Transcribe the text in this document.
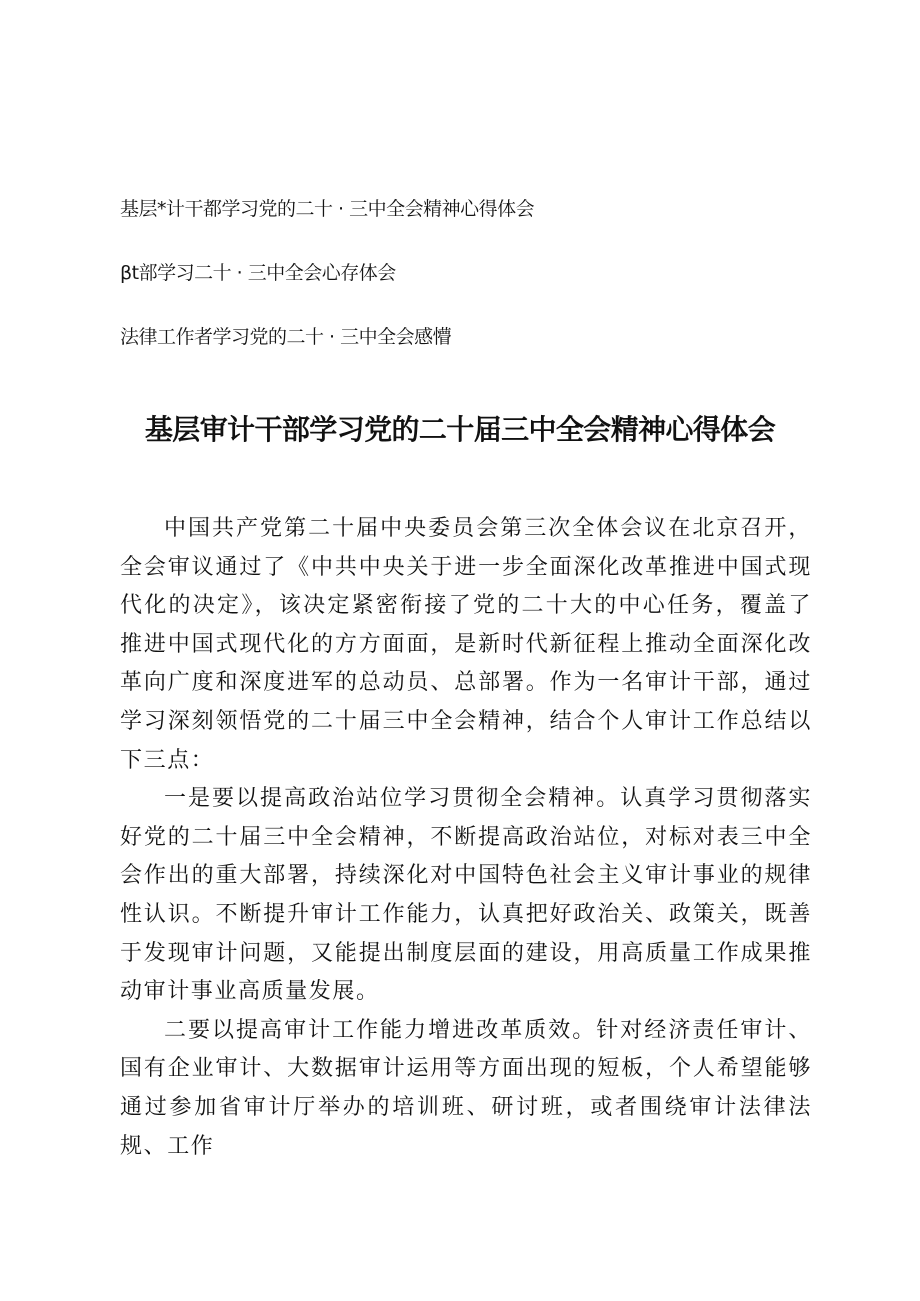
基层*计干都学习党的二十 · 三中全会精神心得体会

βt部学习二十 · 三中全会心存体会

法律工作者学习党的二十 · 三中全会感懵

基层审计干部学习党的二十届三中全会精神心得体会

中国共产党第二十届中央委员会第三次全体会议在北京召开，全会审议通过了《中共中央关于进一步全面深化改革推进中国式现代化的决定》，该决定紧密衔接了党的二十大的中心任务，覆盖了推进中国式现代化的方方面面，是新时代新征程上推动全面深化改革向广度和深度进军的总动员、总部署。作为一名审计干部，通过学习深刻领悟党的二十届三中全会精神，结合个人审计工作总结以下三点：

一是要以提高政治站位学习贯彻全会精神。认真学习贯彻落实好党的二十届三中全会精神，不断提高政治站位，对标对表三中全会作出的重大部署，持续深化对中国特色社会主义审计事业的规律性认识。不断提升审计工作能力，认真把好政治关、政策关，既善于发现审计问题，又能提出制度层面的建设，用高质量工作成果推动审计事业高质量发展。

二要以提高审计工作能力增进改革质效。针对经济责任审计、国有企业审计、大数据审计运用等方面出现的短板，个人希望能够通过参加省审计厅举办的培训班、研讨班，或者围绕审计法律法规、工作
